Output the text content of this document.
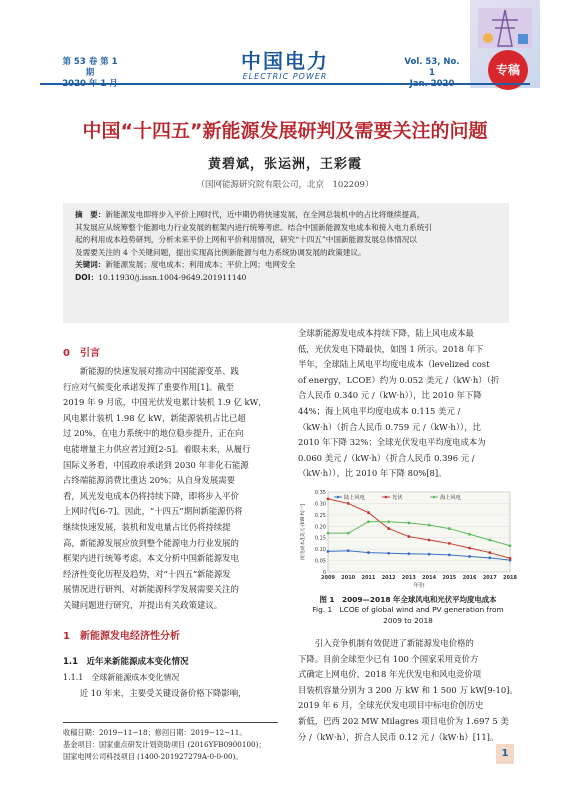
第 53 卷 第 1 期	中国电力
ELECTRIC POWER
Vol. 53, No. 1	专稿
中国“十四五”新能源发展研判及需要关注的问题
黄碧斌，张运洲，王彩霞
（国网能源研究院有限公司，北京　102209）
摘　要：新能源发电即将步入平价上网时代，近中期仍将快速发展，在全网总装机中的占比将继续提高，
其发展应从统筹整个能源电力行业发展的框架内进行统筹考虑。结合中国新能源发电成本和接入电力系统引
起的利用成本趋势研判，分析未来平价上网和平价利用情况，研究“十四五”中国新能源发展总体情况以
及需要关注的 4 个关键问题，提出实现高比例新能源与电力系统协调发展的政策建议。
关键词：新能源发展；度电成本；利用成本；平价上网；电网安全
DOI：10.11930/j.issn.1004-9649.201911140
0　引言
　　新能源的快速发展对推动中国能源变革、践
行应对气候变化承诺发挥了重要作用[1]。截至
2019 年 9 月底，中国光伏发电累计装机 1.9 亿 kW，
风电累计装机 1.98 亿 kW，新能源装机占比已超
过 20%，在电力系统中的地位稳步提升，正在向
电能增量主力供应者过渡[2-5]。着眼未来，从履行
国际义务看，中国政府承诺到 2030 年非化石能源
占终端能源消费比重达 20%；从自身发展需要
看，风光发电成本仍将持续下降，即将步入平价
上网时代[6-7]。因此，“十四五”期间新能源仍将
继续快速发展，装机和发电量占比仍将持续提
高，新能源发展应放到整个能源电力行业发展的
框架内进行统筹考虑。本文分析中国新能源发电
经济性变化历程及趋势，对“十四五”新能源发
展情况进行研判，对新能源科学发展需要关注的
关键问题进行研究，并提出有关政策建议。
1　新能源发电经济性分析
1.1　近年来新能源成本变化情况
1.1.1　全球新能源成本变化情况
　　近 10 年来，主要受关键设备价格下降影响，
收稿日期：2019−11−18；修回日期：2019−12−11。
基金项目：国家重点研发计划资助项目 (2016YFB0900100)；
国家电网公司科技项目 (1400-201927279A-0-0-00)。
全球新能源发电成本持续下降，陆上风电成本最
低，光伏发电下降最快，如图 1 所示。2018 年下
半年，全球陆上风电平均度电成本（levelized cost
of energy，LCOE）约为 0.052 美元 /（kW·h）（折
合人民币 0.340 元 /（kW·h）），比 2010 年下降
44%；海上风电平均度电成本 0.115 美元 /
（kW·h）（折合人民币 0.759 元 /（kW·h）），比
2010 年下降 32%；全球光伏发电平均度电成本为
0.060 美元 /（kW·h）（折合人民币 0.396 元 /
（kW·h）），比 2010 年下降 80%[8]。
0
0.05
0.10
0.15
0.20
0.25
0.30
0.35
2009 2010 2011 2012 2013 2014 2015 2016 2017 2018
年份
度电成本/[美元·(kW·h)⁻¹]
陆上风电	光伏	海上风电
图 1　2009—2018 年全球风电和光伏平均度电成本
Fig. 1　LCOE of global wind and PV generation from
2009 to 2018
　　引入竞争机制有效促进了新能源发电价格的
下降。目前全球至少已有 100 个国家采用竞价方
式确定上网电价，2018 年光伏发电和风电竞价项
目装机容量分别为 3 200 万 kW 和 1 500 万 kW[9-10]。
2019 年 6 月，全球光伏发电项目中标电价创历史
新低，巴西 202 MW Milagres 项目电价为 1.697 5 美
分 /（kW·h），折合人民币 0.12 元 /（kW·h）[11]。
1
